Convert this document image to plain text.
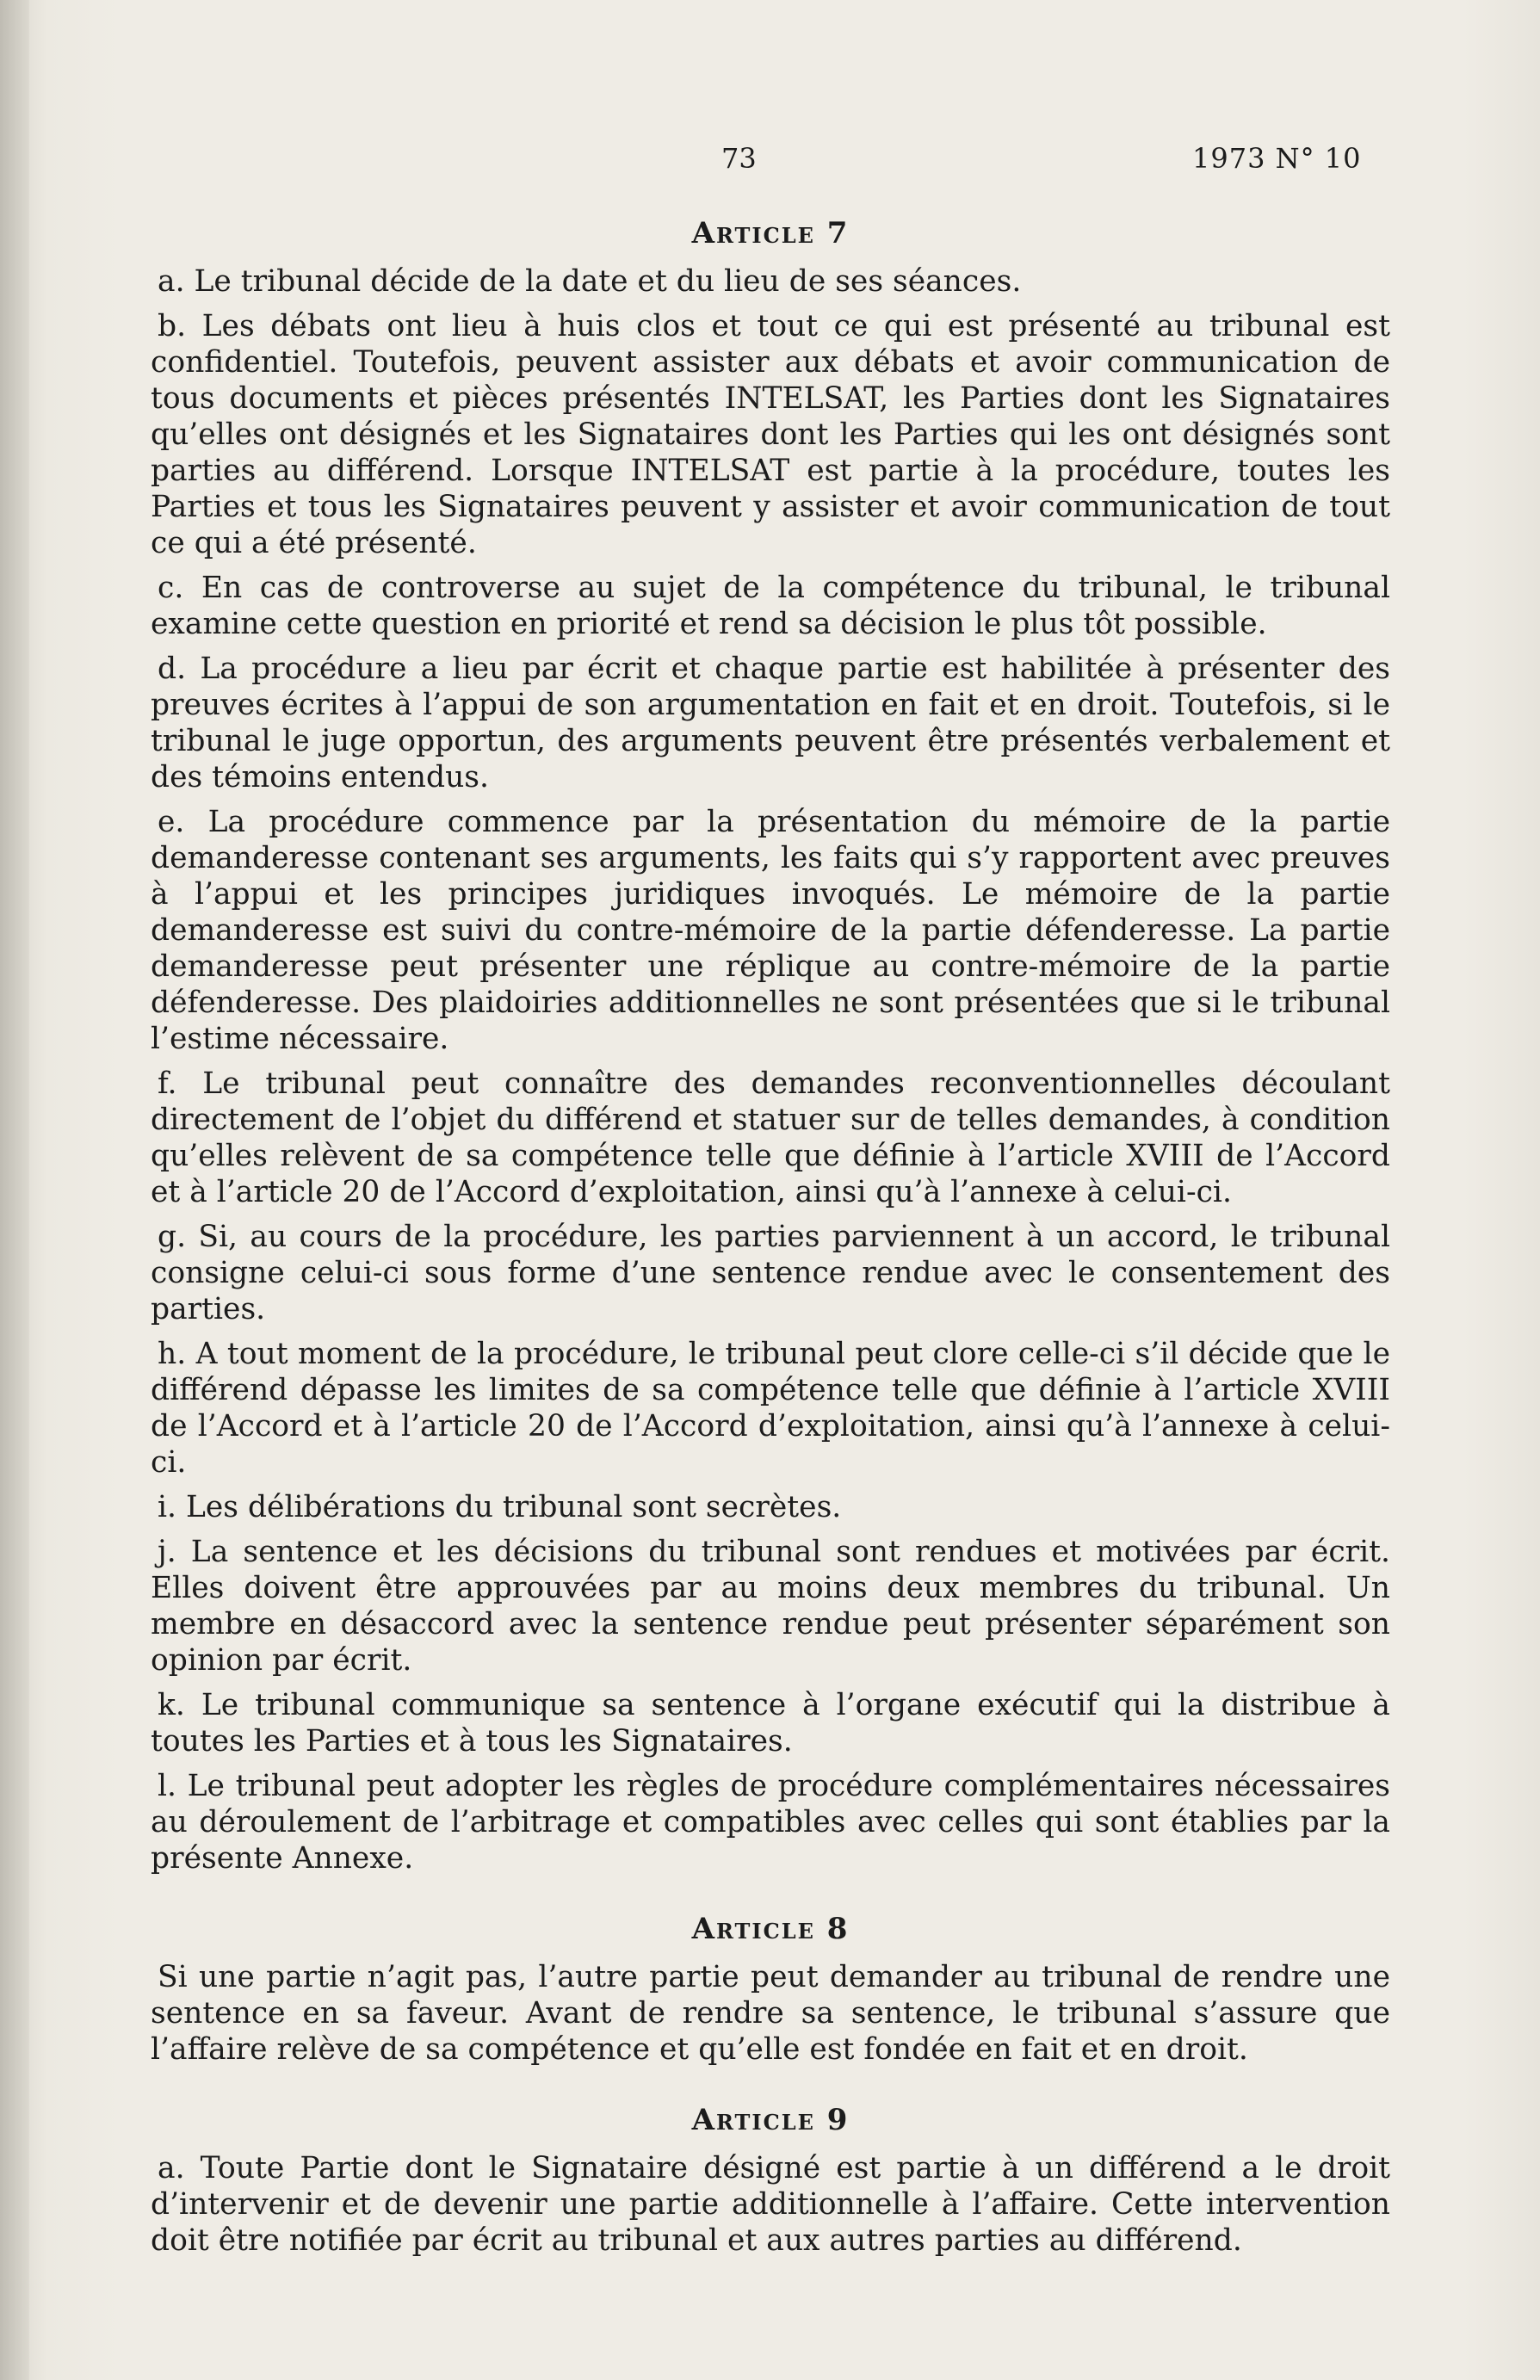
73	1973 N° 10
Article 7

a. Le tribunal décide de la date et du lieu de ses séances.

b. Les débats ont lieu à huis clos et tout ce qui est présenté au tribunal est confidentiel. Toutefois, peuvent assister aux débats et avoir communication de tous documents et pièces présentés INTELSAT, les Parties dont les Signataires qu’elles ont désignés et les Signataires dont les Parties qui les ont désignés sont parties au différend. Lorsque INTELSAT est partie à la procédure, toutes les Parties et tous les Signataires peuvent y assister et avoir communication de tout ce qui a été présenté.

c. En cas de controverse au sujet de la compétence du tribunal, le tribunal examine cette question en priorité et rend sa décision le plus tôt possible.

d. La procédure a lieu par écrit et chaque partie est habilitée à présenter des preuves écrites à l’appui de son argumentation en fait et en droit. Toutefois, si le tribunal le juge opportun, des arguments peuvent être présentés verbalement et des témoins entendus.

e. La procédure commence par la présentation du mémoire de la partie demanderesse contenant ses arguments, les faits qui s’y rapportent avec preuves à l’appui et les principes juridiques invoqués. Le mémoire de la partie demanderesse est suivi du contre-mémoire de la partie défenderesse. La partie demanderesse peut présenter une réplique au contre-mémoire de la partie défenderesse. Des plaidoiries additionnelles ne sont présentées que si le tribunal l’estime nécessaire.

f. Le tribunal peut connaître des demandes reconventionnelles découlant directement de l’objet du différend et statuer sur de telles demandes, à condition qu’elles relèvent de sa compétence telle que définie à l’article XVIII de l’Accord et à l’article 20 de l’Accord d’exploitation, ainsi qu’à l’annexe à celui-ci.

g. Si, au cours de la procédure, les parties parviennent à un accord, le tribunal consigne celui-ci sous forme d’une sentence rendue avec le consentement des parties.

h. A tout moment de la procédure, le tribunal peut clore celle-ci s’il décide que le différend dépasse les limites de sa compétence telle que définie à l’article XVIII de l’Accord et à l’article 20 de l’Accord d’exploitation, ainsi qu’à l’annexe à celui-ci.

i. Les délibérations du tribunal sont secrètes.

j. La sentence et les décisions du tribunal sont rendues et motivées par écrit. Elles doivent être approuvées par au moins deux membres du tribunal. Un membre en désaccord avec la sentence rendue peut présenter séparément son opinion par écrit.

k. Le tribunal communique sa sentence à l’organe exécutif qui la distribue à toutes les Parties et à tous les Signataires.

l. Le tribunal peut adopter les règles de procédure complémentaires nécessaires au déroulement de l’arbitrage et compatibles avec celles qui sont établies par la présente Annexe.

Article 8

Si une partie n’agit pas, l’autre partie peut demander au tribunal de rendre une sentence en sa faveur. Avant de rendre sa sentence, le tribunal s’assure que l’affaire relève de sa compétence et qu’elle est fondée en fait et en droit.

Article 9

a. Toute Partie dont le Signataire désigné est partie à un différend a le droit d’intervenir et de devenir une partie additionnelle à l’affaire. Cette intervention doit être notifiée par écrit au tribunal et aux autres parties au différend.
